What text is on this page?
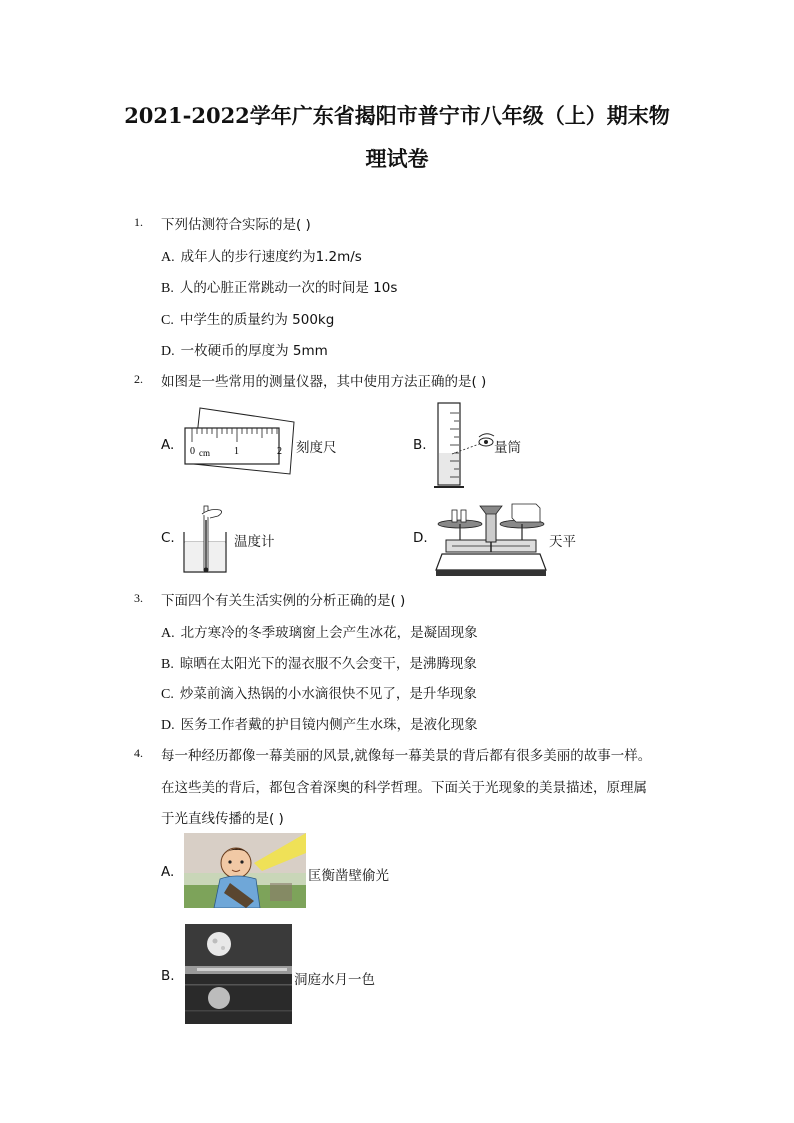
2021-2022学年广东省揭阳市普宁市八年级（上）期末物
理试卷
1. 下列估测符合实际的是( )
A. 成年人的步行速度约为1.2m/s
B. 人的心脏正常跳动一次的时间是 10s
C. 中学生的质量约为 500kg
D. 一枚硬币的厚度为 5mm
2. 如图是一些常用的测量仪器，其中使用方法正确的是( )
A. 0 cm 1	2 刻度尺	B.	量筒
C.	温度计	D.	天平
3. 下面四个有关生活实例的分析正确的是( )
A. 北方寒冷的冬季玻璃窗上会产生冰花，是凝固现象
B. 晾晒在太阳光下的湿衣服不久会变干，是沸腾现象
C. 炒菜前滴入热锅的小水滴很快不见了，是升华现象
D. 医务工作者戴的护目镜内侧产生水珠，是液化现象
4. 每一种经历都像一幕美丽的风景,就像每一幕美景的背后都有很多美丽的故事一样。
在这些美的背后，都包含着深奥的科学哲理。下面关于光现象的美景描述，原理属
于光直线传播的是( )
A.	匡衡凿壁偷光
B.	洞庭水月一色
